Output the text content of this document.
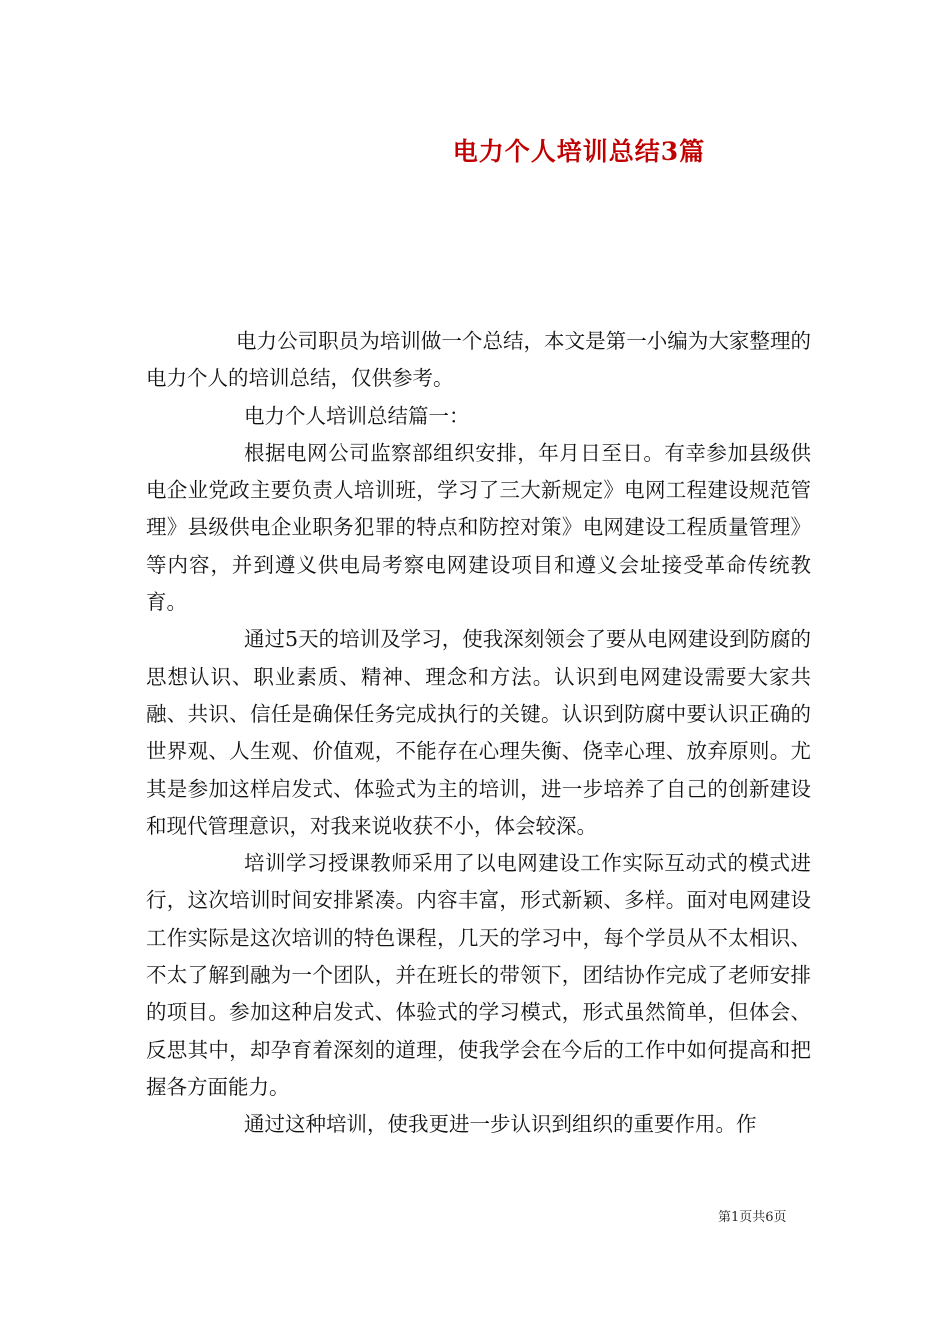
电力个人培训总结3篇

电力公司职员为培训做一个总结，本文是第一小编为大家整理的电力个人的培训总结，仅供参考。

电力个人培训总结篇一：

根据电网公司监察部组织安排，年月日至日。有幸参加县级供电企业党政主要负责人培训班，学习了三大新规定》电网工程建设规范管理》县级供电企业职务犯罪的特点和防控对策》电网建设工程质量管理》等内容，并到遵义供电局考察电网建设项目和遵义会址接受革命传统教育。

通过5天的培训及学习，使我深刻领会了要从电网建设到防腐的思想认识、职业素质、精神、理念和方法。认识到电网建设需要大家共融、共识、信任是确保任务完成执行的关键。认识到防腐中要认识正确的世界观、人生观、价值观，不能存在心理失衡、侥幸心理、放弃原则。尤其是参加这样启发式、体验式为主的培训，进一步培养了自己的创新建设和现代管理意识，对我来说收获不小，体会较深。

培训学习授课教师采用了以电网建设工作实际互动式的模式进行，这次培训时间安排紧凑。内容丰富，形式新颖、多样。面对电网建设工作实际是这次培训的特色课程，几天的学习中，每个学员从不太相识、不太了解到融为一个团队，并在班长的带领下，团结协作完成了老师安排的项目。参加这种启发式、体验式的学习模式，形式虽然简单，但体会、反思其中，却孕育着深刻的道理，使我学会在今后的工作中如何提高和把握各方面能力。

通过这种培训，使我更进一步认识到组织的重要作用。作

第1页共6页
